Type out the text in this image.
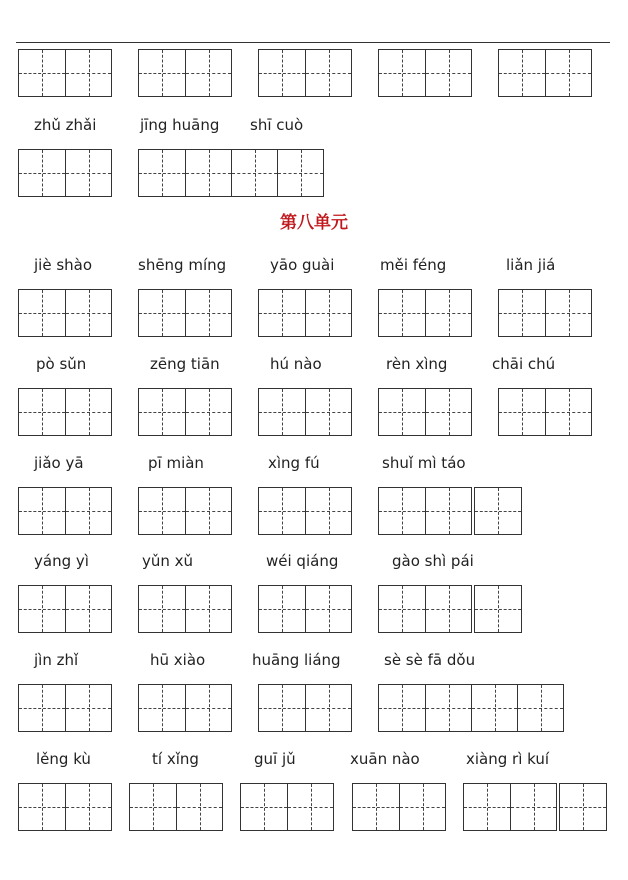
zhǔ zhǎi	jīng huāng shī cuò
第八单元
jiè shào	shēng míng	yāo guài	měi féng	liǎn jiá
pò sǔn	zēng tiān	hú nào	rèn xìng	chāi chú
jiǎo yā	pī miàn	xìng fú	shuǐ mì táo
yáng yì	yǔn xǔ	wéi qiáng	gào shì pái
jìn zhǐ	hū xiào	huāng liáng	sè sè fā dǒu
lěng kù	tí xǐng	guī jǔ	xuān nào	xiàng rì kuí
